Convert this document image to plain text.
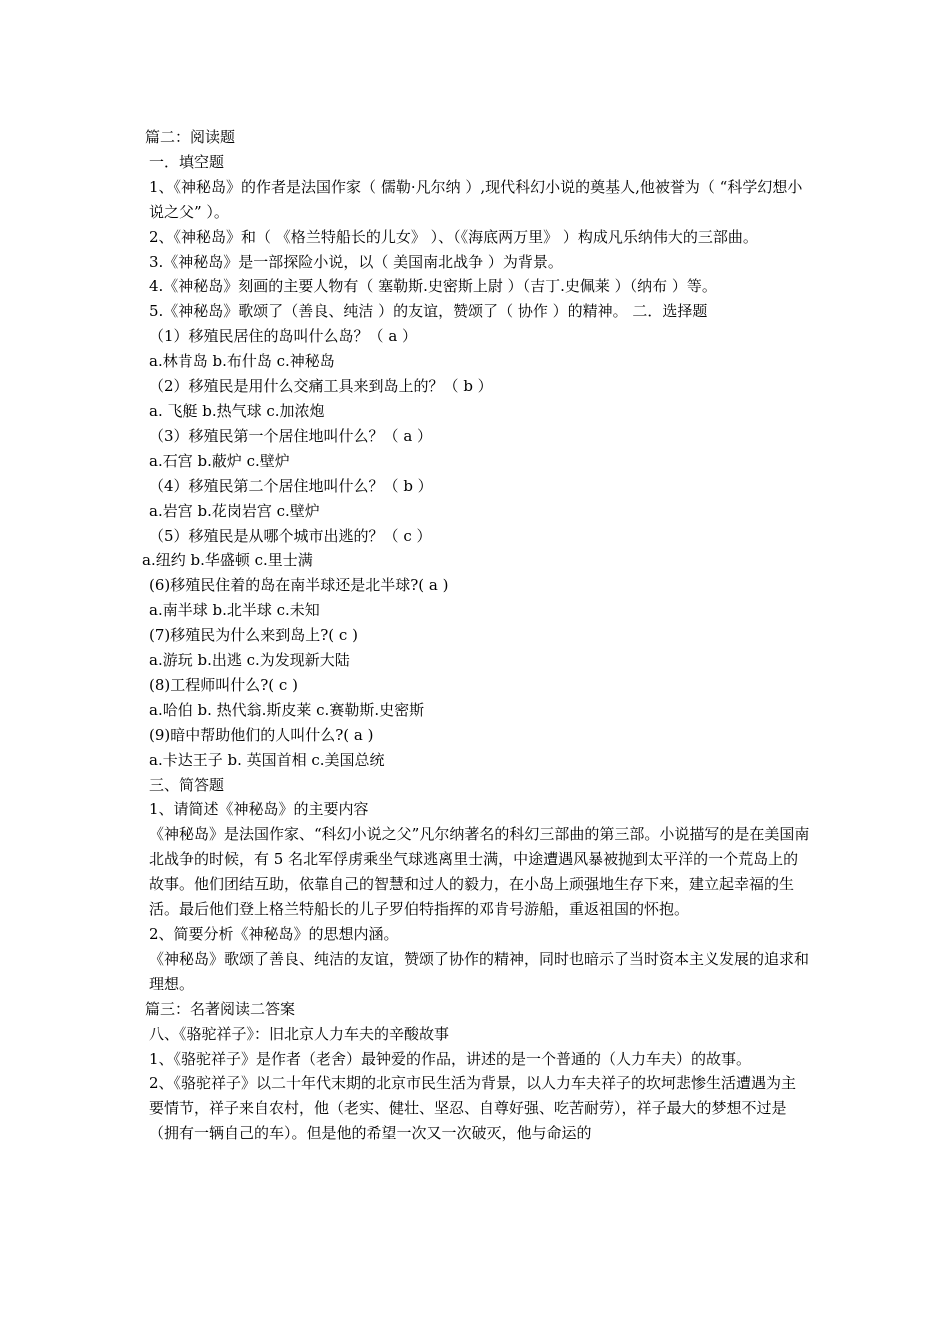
篇二：阅读题
一．填空题
1、《神秘岛》的作者是法国作家（ 儒勒·凡尔纳 ）,现代科幻小说的奠基人,他被誉为（ “科学幻想小说之父” ）。
2、《神秘岛》和（ 《格兰特船长的儿女》 ）、（《海底两万里》 ）构成凡乐纳伟大的三部曲。
3.《神秘岛》是一部探险小说，以（ 美国南北战争 ）为背景。
4.《神秘岛》刻画的主要人物有（ 塞勒斯.史密斯上尉 ）（吉丁.史佩莱 ）（纳布 ）等。
5.《神秘岛》歌颂了（善良、纯洁 ）的友谊，赞颂了（ 协作 ）的精神。 二．选择题
（1）移殖民居住的岛叫什么岛？（ a ）
a.林肯岛 b.布什岛 c.神秘岛
（2）移殖民是用什么交痛工具来到岛上的？（ b ）
a. 飞艇 b.热气球 c.加浓炮
（3）移殖民第一个居住地叫什么？（ a ）
a.石宫 b.蔽炉 c.壁炉
（4）移殖民第二个居住地叫什么？（ b ）
a.岩宫 b.花岗岩宫 c.壁炉
（5）移殖民是从哪个城市出逃的？（ c ）
a.纽约 b.华盛顿 c.里士满
(6)移殖民住着的岛在南半球还是北半球?( a )
a.南半球 b.北半球 c.未知
(7)移殖民为什么来到岛上?( c )
a.游玩 b.出逃 c.为发现新大陆
(8)工程师叫什么?( c )
a.哈伯 b. 热代翁.斯皮莱 c.赛勒斯.史密斯
(9)暗中帮助他们的人叫什么?( a )
a.卡达王子 b. 英国首相 c.美国总统
三、简答题
1、请简述《神秘岛》的主要内容
《神秘岛》是法国作家、“科幻小说之父”凡尔纳著名的科幻三部曲的第三部。小说描写的是在美国南北战争的时候，有 5 名北军俘虏乘坐气球逃离里士满，中途遭遇风暴被抛到太平洋的一个荒岛上的故事。他们团结互助，依靠自己的智慧和过人的毅力，在小岛上顽强地生存下来，建立起幸福的生活。最后他们登上格兰特船长的儿子罗伯特指挥的邓肯号游船，重返祖国的怀抱。
2、简要分析《神秘岛》的思想内涵。
《神秘岛》歌颂了善良、纯洁的友谊，赞颂了协作的精神，同时也暗示了当时资本主义发展的追求和理想。
篇三：名著阅读二答案
八、《骆驼祥子》：旧北京人力车夫的辛酸故事
1、《骆驼祥子》是作者（老舍）最钟爱的作品，讲述的是一个普通的（人力车夫）的故事。
2、《骆驼祥子》以二十年代末期的北京市民生活为背景，以人力车夫祥子的坎坷悲惨生活遭遇为主要情节，祥子来自农村，他（老实、健壮、坚忍、自尊好强、吃苦耐劳），祥子最大的梦想不过是（拥有一辆自己的车）。但是他的希望一次又一次破灭，他与命运的
